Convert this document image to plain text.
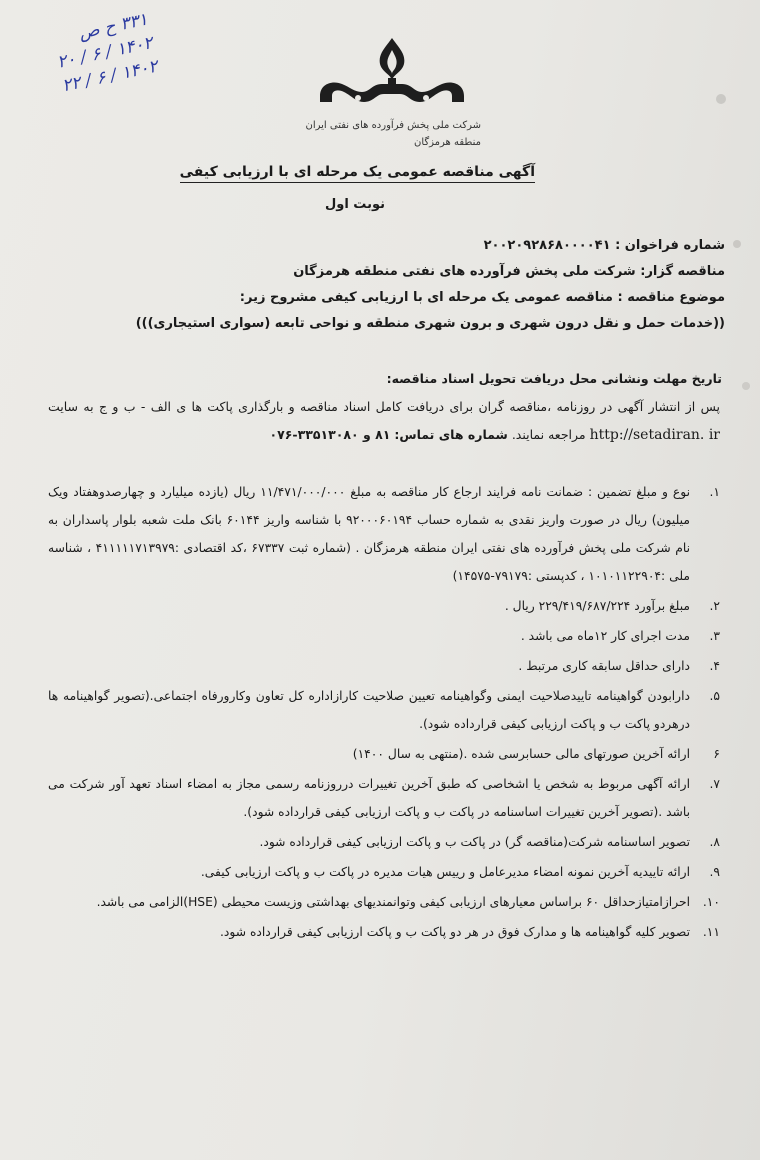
۳۳۱ ح ص
۱۴۰۲ / ۶ / ۲۰
۱۴۰۲ / ۶ / ۲۲
شرکت ملی پخش فرآورده های نفتی ایران
منطقه هرمزگان
آگهی مناقصه عمومی یک مرحله ای با ارزیابی کیفی
نوبت اول
شماره فراخوان : ۲۰۰۲۰۹۲۸۶۸۰۰۰۰۴۱
مناقصه گزار: شرکت ملی پخش فرآورده های نفتی منطقه هرمزگان
موضوع مناقصه : مناقصه عمومی یک مرحله ای با ارزیابی کیفی مشروح زیر:
((خدمات حمل و نقل درون شهری و برون شهری منطقه و نواحی تابعه (سواری استیجاری)))
تاریخ مهلت ونشانی محل دریافت تحویل اسناد مناقصه:
پس از انتشار آگهی در روزنامه ،مناقصه گران برای دریافت کامل اسناد مناقصه و بارگذاری پاکت ها ی الف - ب و ج به سایت http://setadiran. ir مراجعه نمایند. شماره های تماس: ۸۱ و ۳۳۵۱۳۰۸۰-۰۷۶
۱.
نوع و مبلغ تضمین : ضمانت نامه فرایند ارجاع کار مناقصه به مبلغ ۱۱/۴۷۱/۰۰۰/۰۰۰ ریال (یازده میلیارد و چهارصدوهفتاد ویک میلیون) ریال در صورت واریز نقدی به شماره حساب ۹۲۰۰۰۶۰۱۹۴ با شناسه واریز ۶۰۱۴۴ بانک ملت شعبه بلوار پاسداران به نام شرکت ملی پخش فرآورده های نفتی ایران منطقه هرمزگان . (شماره ثبت ۶۷۳۳۷ ،کد اقتصادی :۴۱۱۱۱۱۷۱۳۹۷۹ ، شناسه ملی :۱۰۱۰۱۱۲۲۹۰۴ ، کدپستی :۷۹۱۷۹-۱۴۵۷۵)
۲.
مبلغ برآورد ۲۲۹/۴۱۹/۶۸۷/۲۲۴ ریال .
۳.
مدت اجرای کار ۱۲ماه می باشد .
۴.
دارای حداقل سابقه کاری مرتبط .
۵.
دارابودن گواهینامه تاییدصلاحیت ایمنی وگواهینامه تعیین صلاحیت کارازاداره کل تعاون وکارورفاه اجتماعی.(تصویر گواهینامه ها درهردو پاکت ب و پاکت ارزیابی کیفی قرارداده شود).
۶
ارائه آخرین صورتهای مالی حسابرسی شده .(منتهی به سال ۱۴۰۰)
۷.
ارائه آگهی مربوط به شخص یا اشخاصی که طبق آخرین تغییرات درروزنامه رسمی مجاز به امضاء اسناد تعهد آور شرکت می باشد .(تصویر آخرین تغییرات اساسنامه در پاکت ب و پاکت ارزیابی کیفی قرارداده شود).
۸.
تصویر اساسنامه شرکت(مناقصه گر) در پاکت ب و پاکت ارزیابی کیفی قرارداده شود.
۹.
ارائه تاییدیه آخرین نمونه امضاء مدیرعامل و رییس هیات مدیره در پاکت ب و پاکت ارزیابی کیفی.
۱۰.
احرازامتیازحداقل ۶۰ براساس معیارهای ارزیابی کیفی وتوانمندیهای بهداشتی وزیست محیطی (HSE)الزامی می باشد.
۱۱.
تصویر کلیه گواهینامه ها و مدارک فوق در هر دو پاکت ب و پاکت ارزیابی کیفی قرارداده شود.
